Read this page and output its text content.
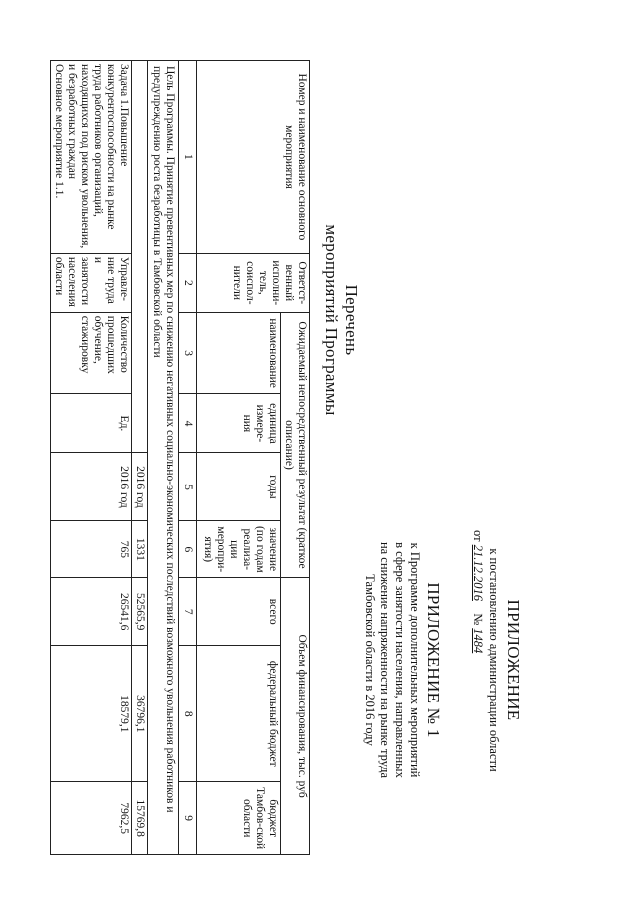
ПРИЛОЖЕНИЕ
к постановлению администрации области
от 21.12.2016  № 1484
ПРИЛОЖЕНИЕ № 1
к Программе дополнительных мероприятий
в сфере занятости населения, направленных
на снижение напряженности на рынке труда
Тамбовской области в 2016 году
Перечень
мероприятий Программы
Номер и наименование основного мероприятия	Ответст-венный исполни-тель, соиспол-нители	Ожидаемый непосредственный результат (краткое описание)				Объем финансирования, тыс. руб		
		наименование	единица измере-ния	годы	значение (по годам реализа-ции меропри-ятия)	всего	федеральный бюджет	бюджет Тамбов-ской области
1	2	3	4	5	6	7	8	9
Цель Программы. Принятие превентивных мер по снижению негативных социально-экономических последствий возможного увольнения работников и предупреждению роста безработицы в Тамбовской области								
				2016 год	1331	52565,9	36796,1	15769,8

Задача 1.Повышение конкурентоспособности на рынке труда работников организаций, находящихся под риском увольнения, и безработных граждан
Основное мероприятие 1.1.	Управле-ние труда и занятости населения области	Количество прошедших обучение, стажировку	Ед.	2016 год	765	26541,6	18579,1	7962,5
